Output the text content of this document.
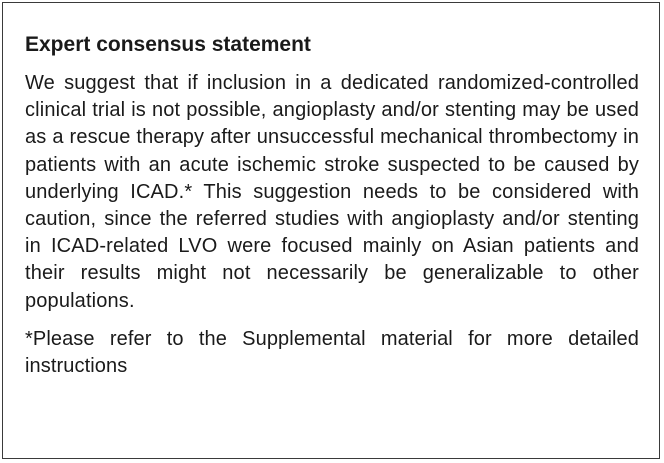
Expert consensus statement

We suggest that if inclusion in a dedicated randomized-controlled clinical trial is not possible, angioplasty and/or stenting may be used as a rescue therapy after unsuccessful mechanical thrombectomy in patients with an acute ischemic stroke suspected to be caused by underlying ICAD.* This suggestion needs to be considered with caution, since the referred studies with angioplasty and/or stenting in ICAD-related LVO were focused mainly on Asian patients and their results might not necessarily be generalizable to other populations.

*Please refer to the Supplemental material for more detailed instructions
